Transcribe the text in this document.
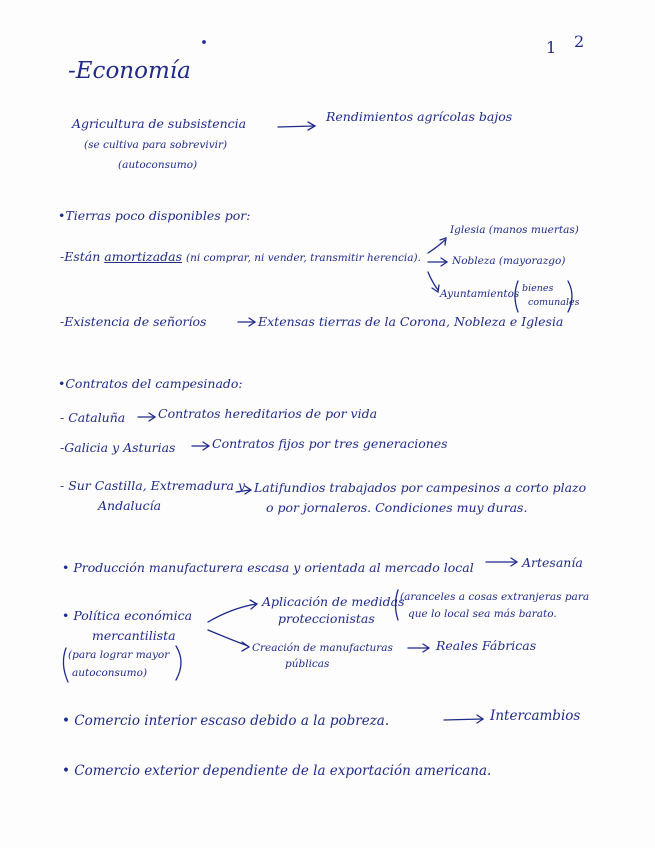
1 2
-Economía
Agricultura de subsistencia
(se cultiva para sobrevivir)
(autoconsumo)
Rendimientos agrícolas bajos
•Tierras poco disponibles por:
-Están amortizadas (ni comprar, ni vender, transmitir herencia).
Iglesia (manos muertas)
Nobleza (mayorazgo)
Ayuntamientos bienes
comunales
-Existencia de señoríos	Extensas tierras de la Corona, Nobleza e Iglesia
•Contratos del campesinado:
- Cataluña	Contratos hereditarios de por vida
-Galicia y Asturias	Contratos fijos por tres generaciones
- Sur Castilla, Extremadura y
Andalucía
Latifundios trabajados por campesinos a corto plazo
o por jornaleros. Condiciones muy duras.
• Producción manufacturera escasa y orientada al mercado local	Artesanía
• Política económica
mercantilista
(para lograr mayor
autoconsumo)
Aplicación de medidas
proteccionistas
(aranceles a cosas extranjeras para
que lo local sea más barato.
Creación de manufacturas
públicas
Reales Fábricas
• Comercio interior escaso debido a la pobreza.	Intercambios
• Comercio exterior dependiente de la exportación americana.
